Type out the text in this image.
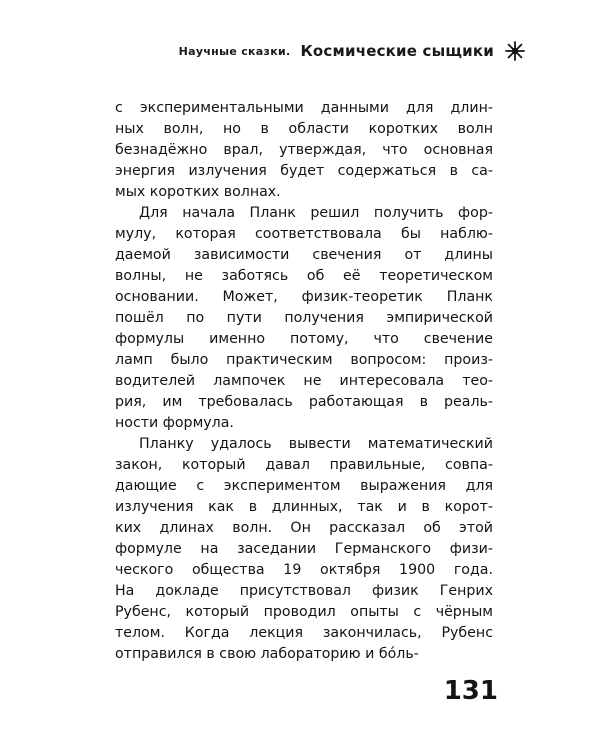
Научные сказки. Космические сыщики
с экспериментальными данными для длин-
ных волн, но в области коротких волн
безнадёжно врал, утверждая, что основная
энергия излучения будет содержаться в са-
мых коротких волнах.
Для начала Планк решил получить фор-
мулу, которая соответствовала бы наблю-
даемой зависимости свечения от длины
волны, не заботясь об её теоретическом
основании. Может, физик-теоретик Планк
пошёл по пути получения эмпирической
формулы именно потому, что свечение
ламп было практическим вопросом: произ-
водителей лампочек не интересовала тео-
рия, им требовалась работающая в реаль-
ности формула.
Планку удалось вывести математический
закон, который давал правильные, совпа-
дающие с экспериментом выражения для
излучения как в длинных, так и в корот-
ких длинах волн. Он рассказал об этой
формуле на заседании Германского физи-
ческого общества 19 октября 1900 года.
На докладе присутствовал физик Генрих
Рубенс, который проводил опыты с чёрным
телом. Когда лекция закончилась, Рубенс
отправился в свою лабораторию и бóль-
131
